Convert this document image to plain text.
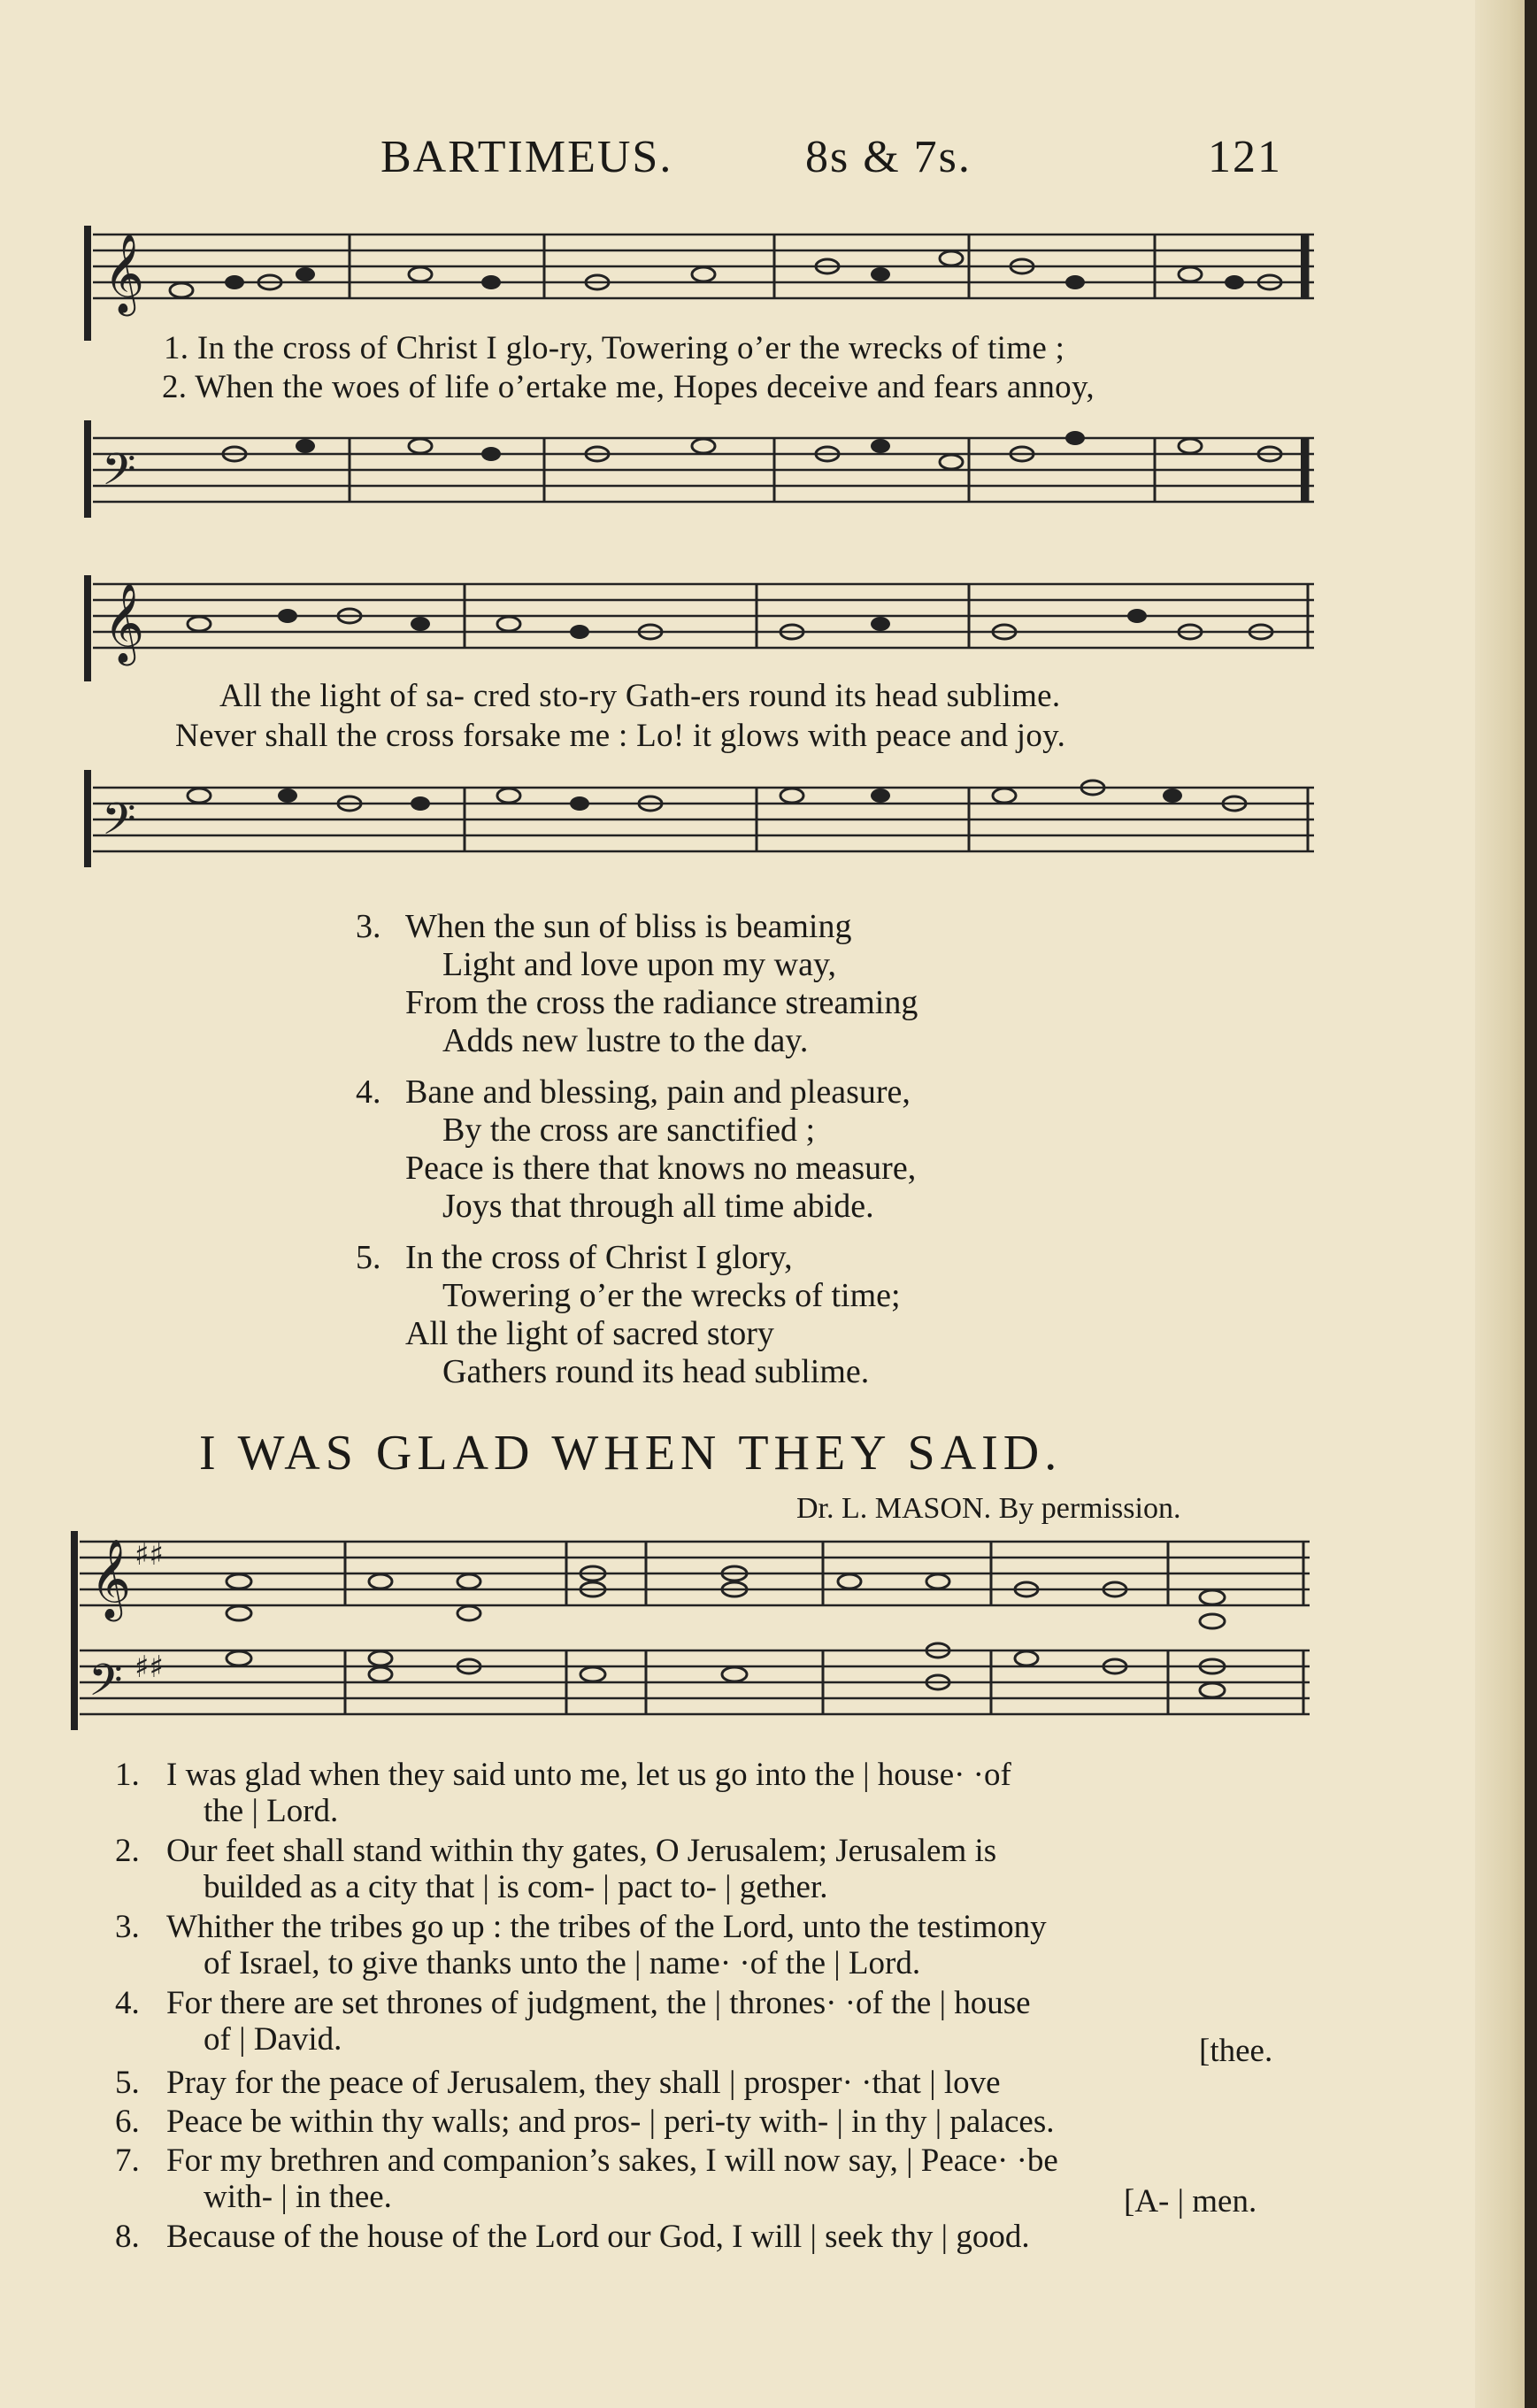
BARTIMEUS.	8s & 7s.	121
𝄞
1. In the cross of Christ I glo-ry, Towering o’er the wrecks of time ;
2. When the woes of life o’ertake me, Hopes deceive and fears annoy,
𝄢
𝄞
All the light of sa- cred sto-ry Gath-ers round its head sublime.
Never shall the cross forsake me : Lo! it glows with peace and joy.
𝄢
3. When the sun of bliss is beaming
Light and love upon my way,
From the cross the radiance streaming
Adds new lustre to the day.
4. Bane and blessing, pain and pleasure,
By the cross are sanctified ;
Peace is there that knows no measure,
Joys that through all time abide.
5. In the cross of Christ I glory,
Towering o’er the wrecks of time;
All the light of sacred story
Gathers round its head sublime.
I WAS GLAD WHEN THEY SAID.
Dr. L. MASON. By permission.
𝄞 ♯♯
𝄢 ♯♯
1. I was glad when they said unto me, let us go into the | house· ·of
the | Lord.
2. Our feet shall stand within thy gates, O Jerusalem; Jerusalem is
builded as a city that | is com- | pact to- | gether.
3. Whither the tribes go up : the tribes of the Lord, unto the testimony
of Israel, to give thanks unto the | name· ·of the | Lord.
4. For there are set thrones of judgment, the | thrones· ·of the | house
of | David.	[thee.
5. Pray for the peace of Jerusalem, they shall | prosper· ·that | love
6. Peace be within thy walls; and pros- | peri-ty with- | in thy | palaces.
7. For my brethren and companion’s sakes, I will now say, | Peace· ·be
with- | in thee.	[A- | men.
8. Because of the house of the Lord our God, I will | seek thy | good.
